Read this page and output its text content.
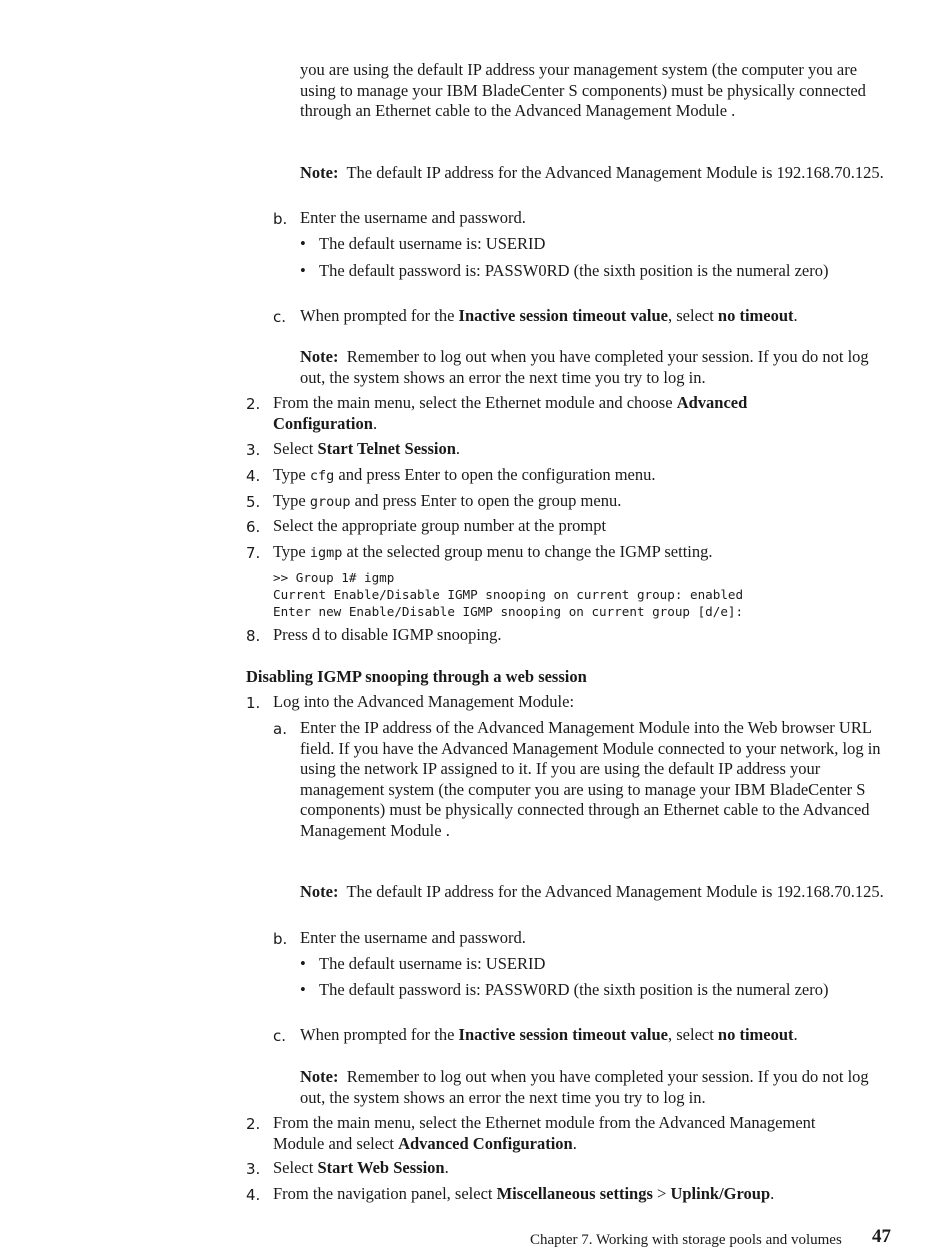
you are using the default IP address your management system (the computer you are using to manage your IBM BladeCenter S components) must be physically connected through an Ethernet cable to the Advanced Management Module .
Note: The default IP address for the Advanced Management Module is 192.168.70.125.
b. Enter the username and password.
• The default username is: USERID
• The default password is: PASSW0RD (the sixth position is the numeral zero)
c. When prompted for the Inactive session timeout value, select no timeout.
Note: Remember to log out when you have completed your session. If you do not log out, the system shows an error the next time you try to log in.
2. From the main menu, select the Ethernet module and choose Advanced Configuration.
3. Select Start Telnet Session.
4. Type cfg and press Enter to open the configuration menu.
5. Type group and press Enter to open the group menu.
6. Select the appropriate group number at the prompt
7. Type igmp at the selected group menu to change the IGMP setting.
>> Group 1# igmp
Current Enable/Disable IGMP snooping on current group: enabled
Enter new Enable/Disable IGMP snooping on current group [d/e]:
8. Press d to disable IGMP snooping.
Disabling IGMP snooping through a web session
1. Log into the Advanced Management Module:
a. Enter the IP address of the Advanced Management Module into the Web browser URL field. If you have the Advanced Management Module connected to your network, log in using the network IP assigned to it. If you are using the default IP address your management system (the computer you are using to manage your IBM BladeCenter S components) must be physically connected through an Ethernet cable to the Advanced Management Module .
Note: The default IP address for the Advanced Management Module is 192.168.70.125.
b. Enter the username and password.
• The default username is: USERID
• The default password is: PASSW0RD (the sixth position is the numeral zero)
c. When prompted for the Inactive session timeout value, select no timeout.
Note: Remember to log out when you have completed your session. If you do not log out, the system shows an error the next time you try to log in.
2. From the main menu, select the Ethernet module from the Advanced Management Module and select Advanced Configuration.
3. Select Start Web Session.
4. From the navigation panel, select Miscellaneous settings > Uplink/Group.
Chapter 7. Working with storage pools and volumes 47
